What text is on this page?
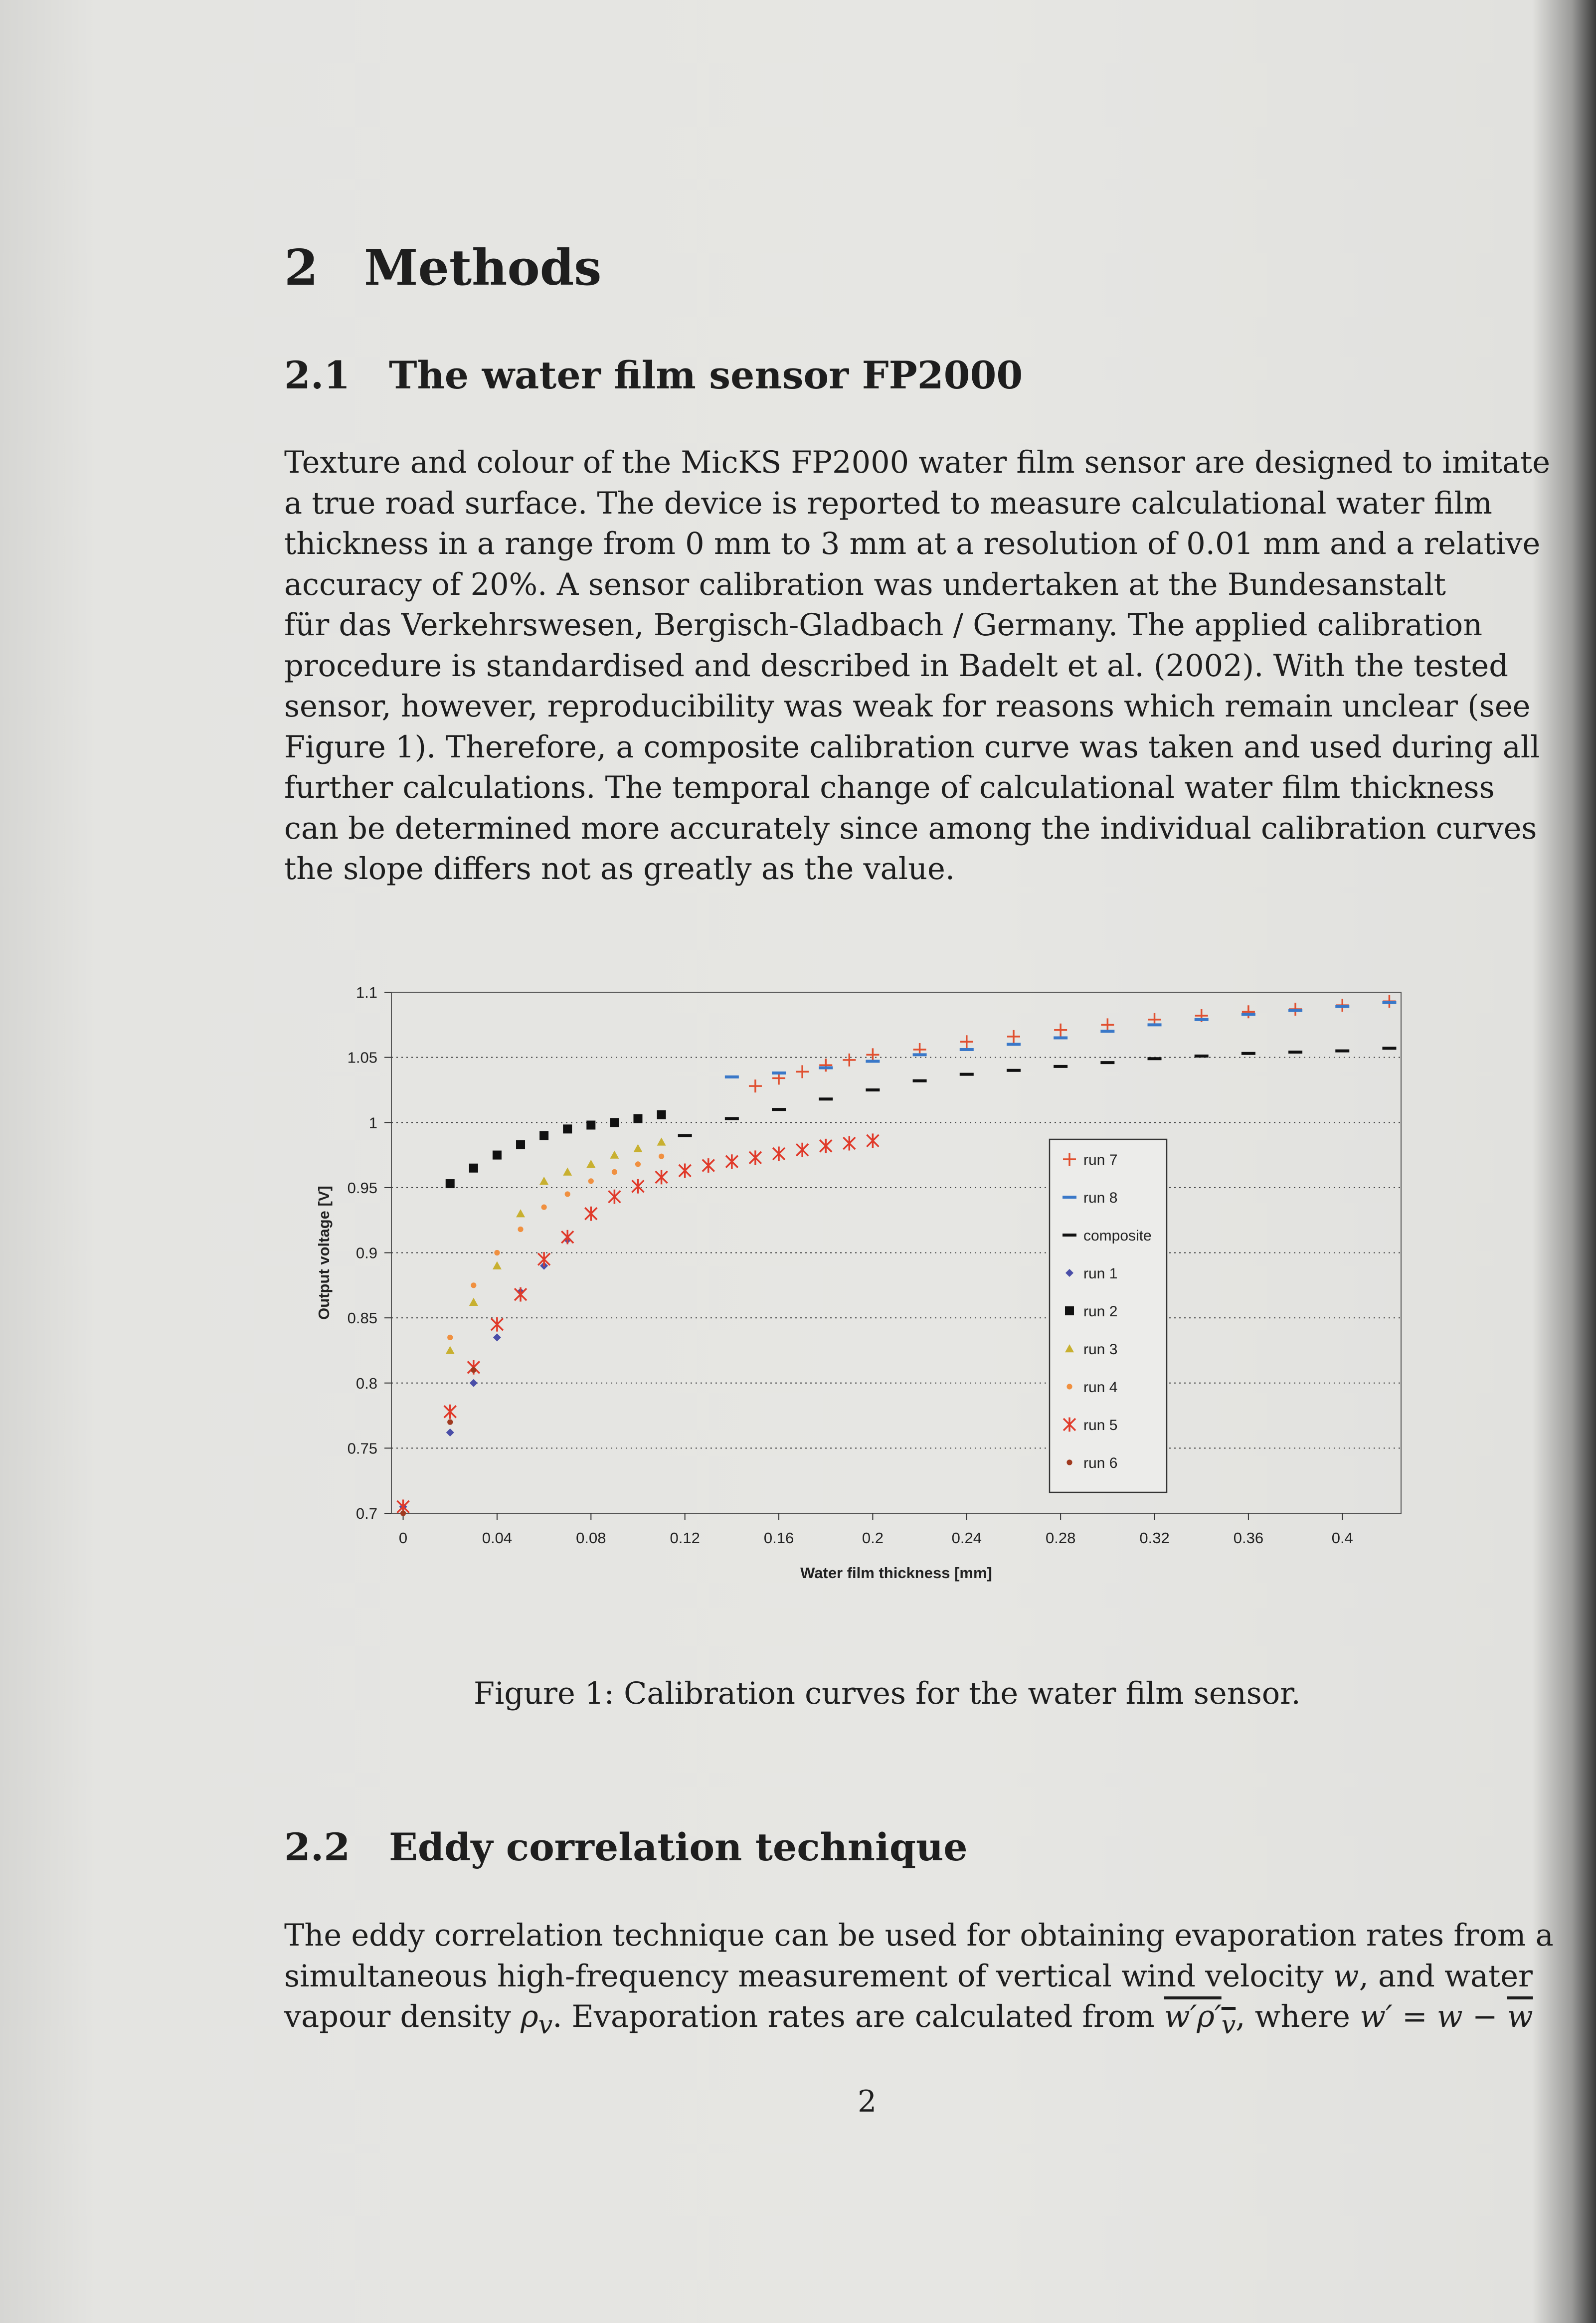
2 Methods
2.1 The water film sensor FP2000
Texture and colour of the MicKS FP2000 water film sensor are designed to imitate
a true road surface. The device is reported to measure calculational water film
thickness in a range from 0 mm to 3 mm at a resolution of 0.01 mm and a relative
accuracy of 20%. A sensor calibration was undertaken at the Bundesanstalt
für das Verkehrswesen, Bergisch-Gladbach / Germany. The applied calibration
procedure is standardised and described in Badelt et al. (2002). With the tested
sensor, however, reproducibility was weak for reasons which remain unclear (see
Figure 1). Therefore, a composite calibration curve was taken and used during all
further calculations. The temporal change of calculational water film thickness
can be determined more accurately since among the individual calibration curves
the slope differs not as greatly as the value.
0.7
0.75
0.8
0.85
0.9
0.95
1
1.05
1.1
0	0.04	0.08	0.12	0.16	0.2	0.24	0.28	0.32	0.36	0.4
Water film thickness [mm]
Output voltage [V]
run 7
run 8
composite
run 1
run 2
run 3
run 4
run 5
run 6
Figure 1: Calibration curves for the water film sensor.
2.2 Eddy correlation technique
The eddy correlation technique can be used for obtaining evaporation rates from a
simultaneous high-frequency measurement of vertical wind velocity w, and water
vapour density $\rho_v$. Evaporation rates are calculated from $w'\rho'_v$, where $w' = w - \overline{w}$
2
